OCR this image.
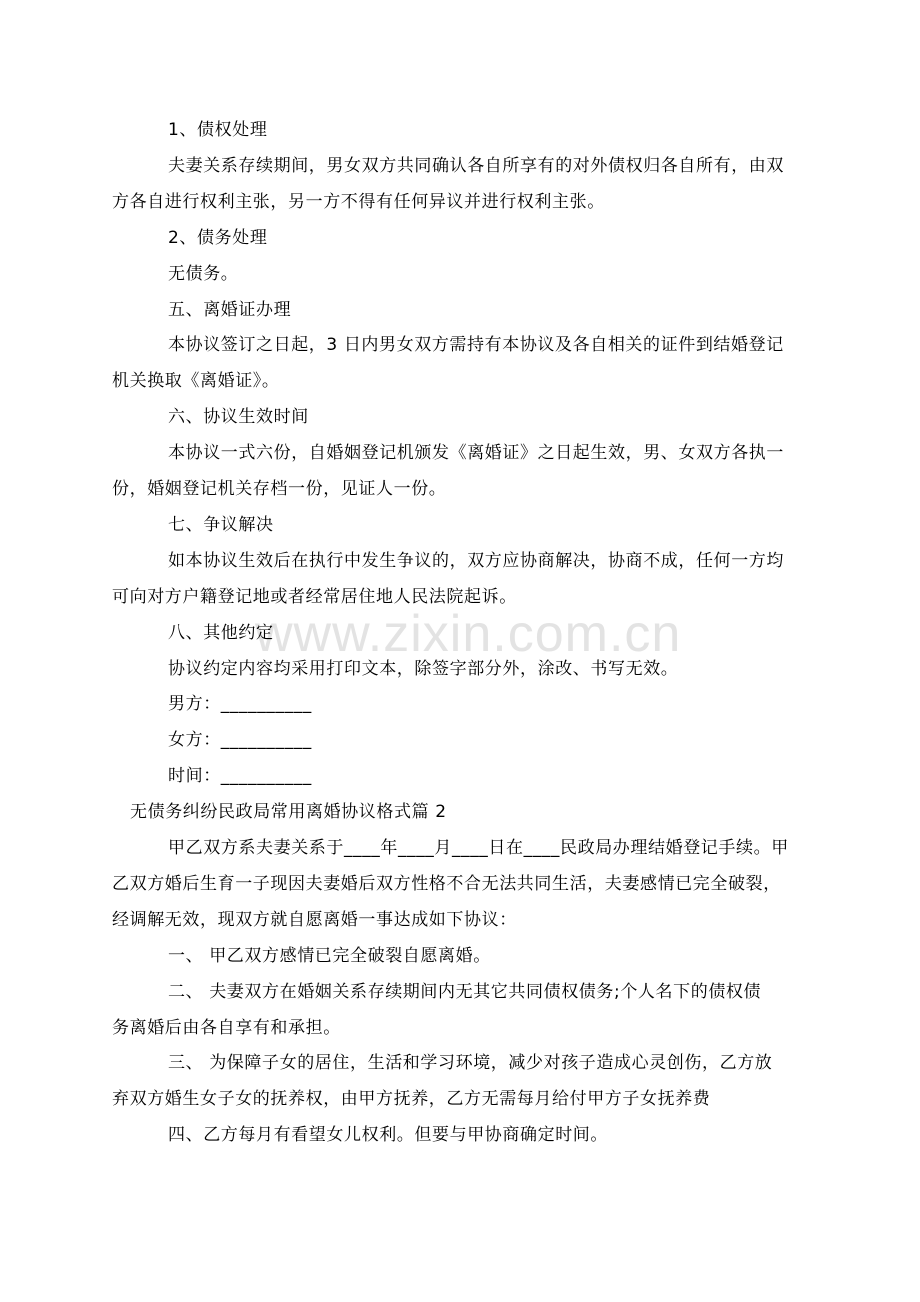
www.zixin.com.cn

1、债权处理

夫妻关系存续期间，男女双方共同确认各自所享有的对外债权归各自所有，由双

方各自进行权利主张，另一方不得有任何异议并进行权利主张。

2、债务处理

无债务。

五、离婚证办理

本协议签订之日起，3 日内男女双方需持有本协议及各自相关的证件到结婚登记

机关换取《离婚证》。

六、协议生效时间

本协议一式六份，自婚姻登记机颁发《离婚证》之日起生效，男、女双方各执一

份，婚姻登记机关存档一份，见证人一份。

七、争议解决

如本协议生效后在执行中发生争议的，双方应协商解决，协商不成，任何一方均

可向对方户籍登记地或者经常居住地人民法院起诉。

八、其他约定

协议约定内容均采用打印文本，除签字部分外，涂改、书写无效。

男方：__________

女方：__________

时间：__________

无债务纠纷民政局常用离婚协议格式篇 2

甲乙双方系夫妻关系于____年____月____日在____民政局办理结婚登记手续。甲

乙双方婚后生育一子现因夫妻婚后双方性格不合无法共同生活，夫妻感情已完全破裂，

经调解无效，现双方就自愿离婚一事达成如下协议：

一、 甲乙双方感情已完全破裂自愿离婚。

二、 夫妻双方在婚姻关系存续期间内无其它共同债权债务;个人名下的债权债

务离婚后由各自享有和承担。

三、 为保障子女的居住，生活和学习环境，减少对孩子造成心灵创伤，乙方放

弃双方婚生女子女的抚养权，由甲方抚养，乙方无需每月给付甲方子女抚养费

四、乙方每月有看望女儿权利。但要与甲协商确定时间。
